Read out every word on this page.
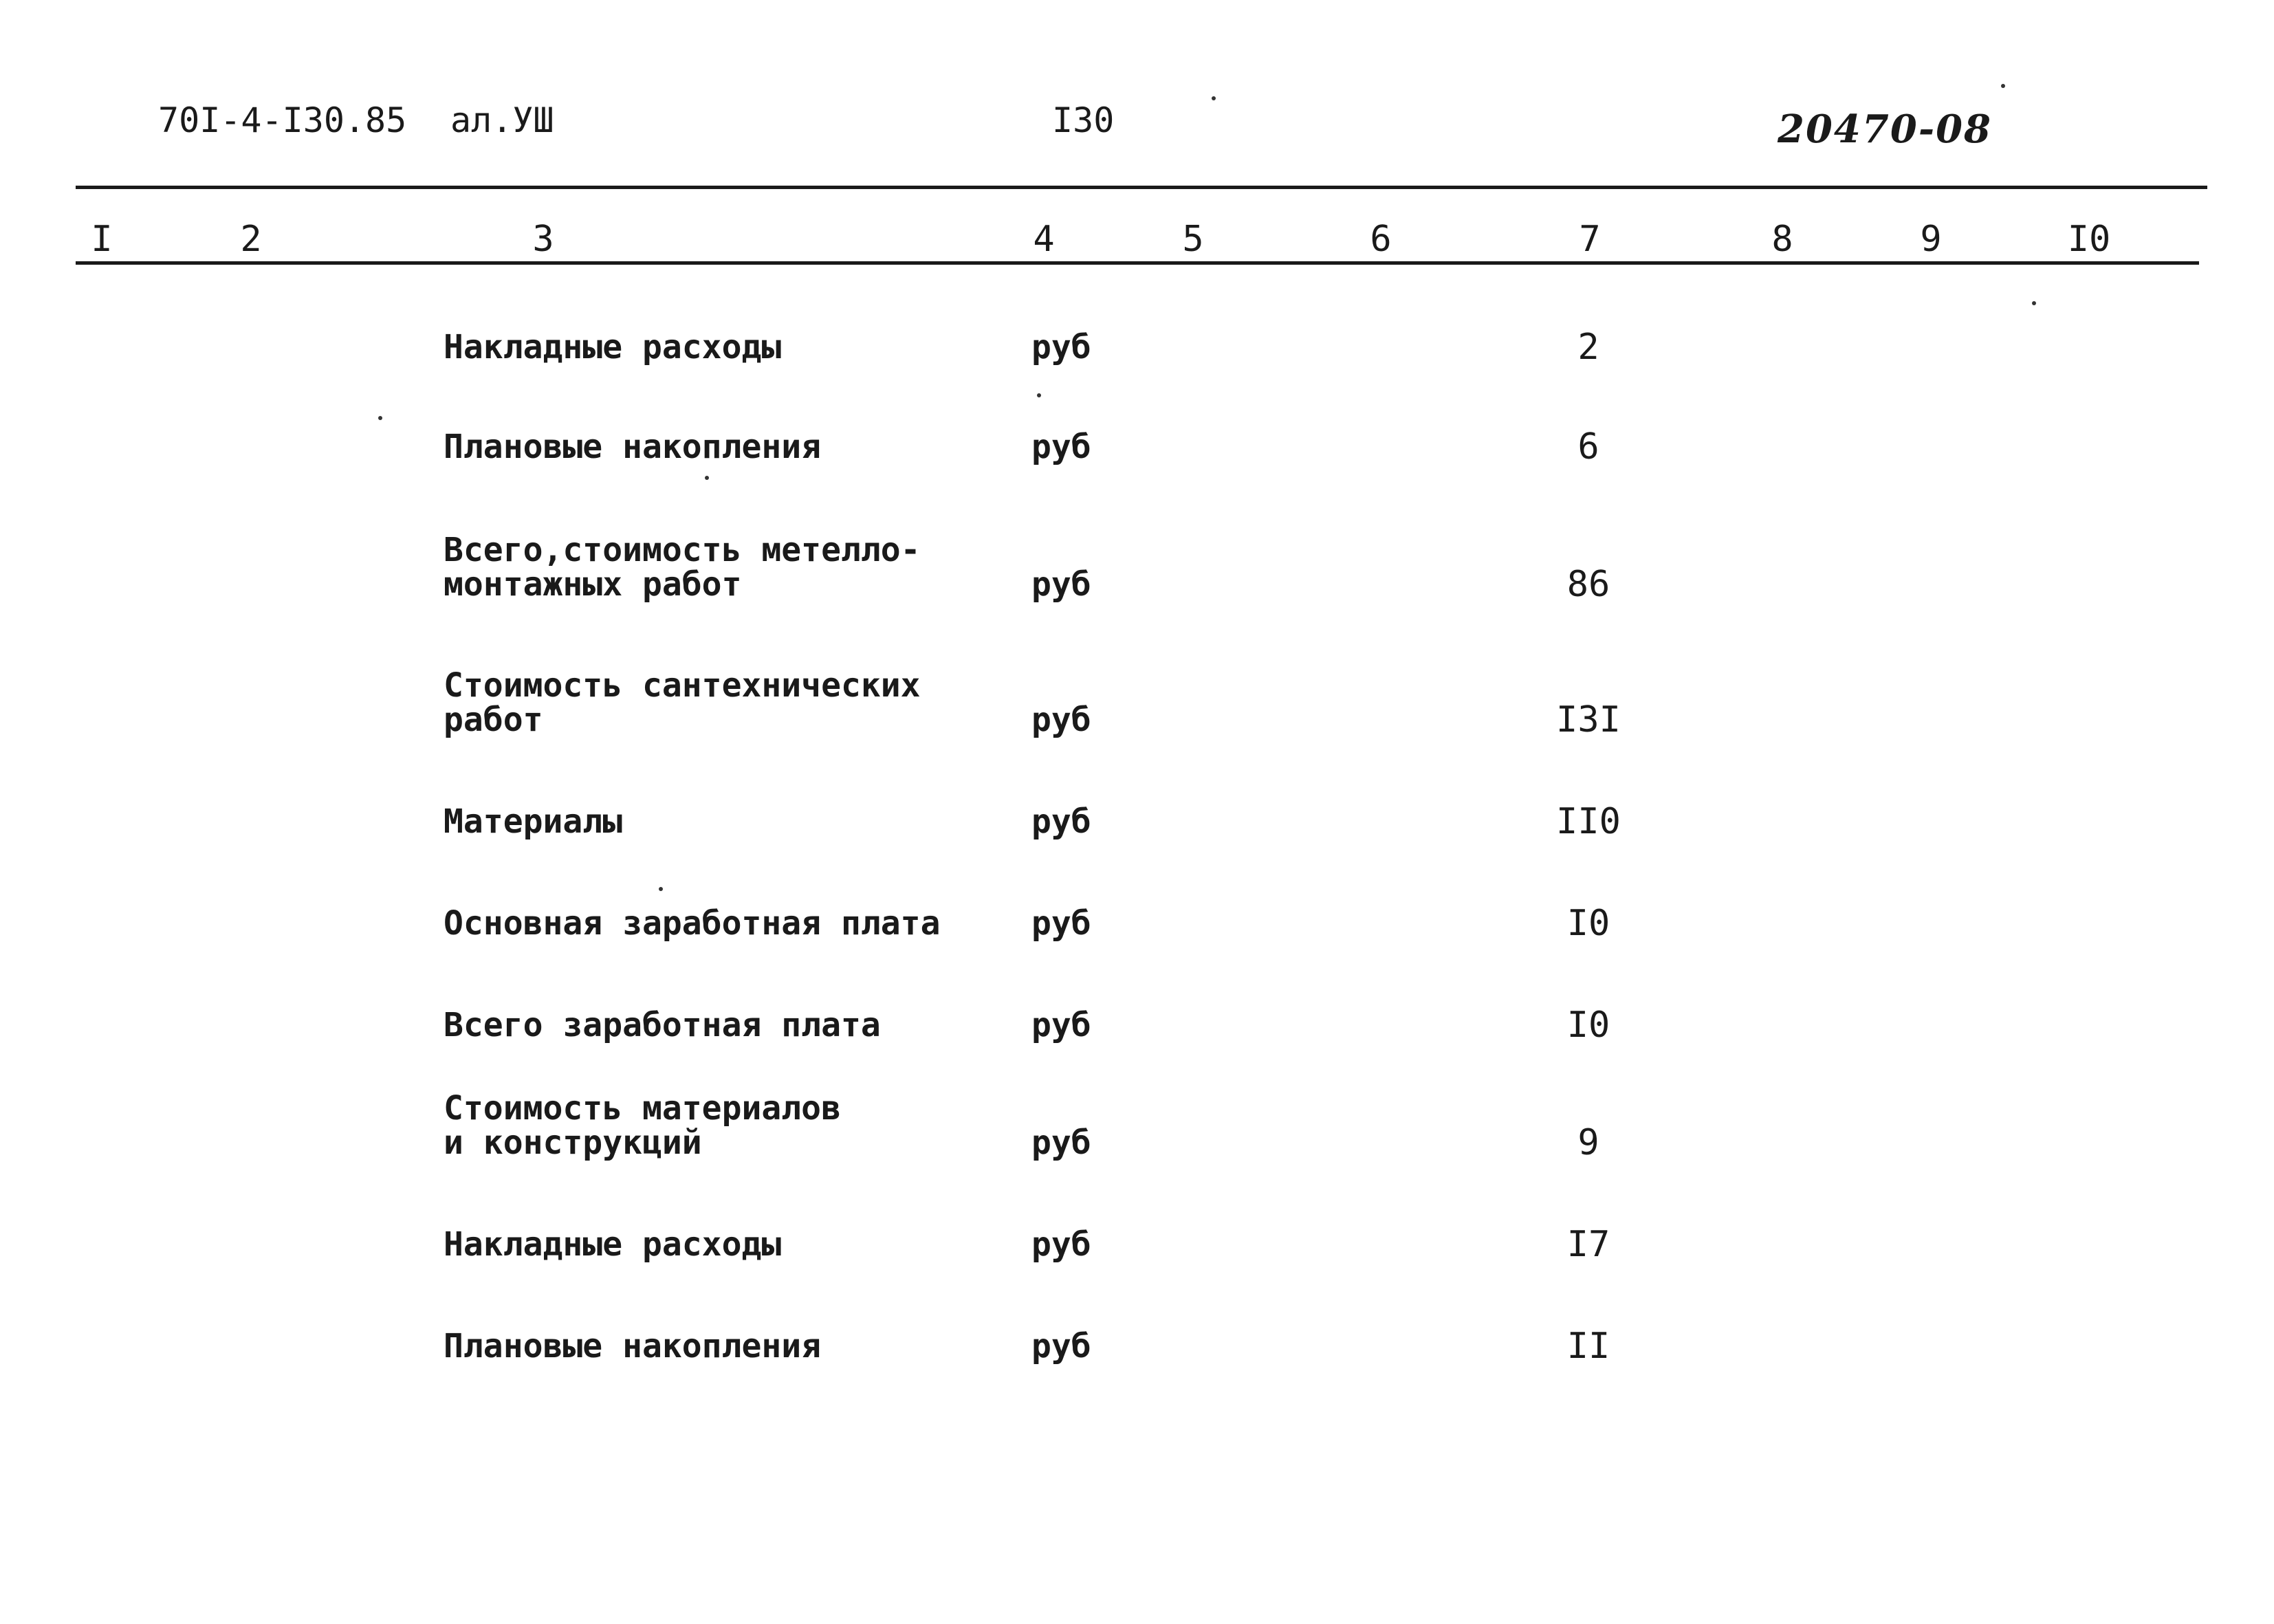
70I-4-I30.85 ал.УШ	I30	20470-08
I	2	3	4	5	6	7	8	9	I0
Накладные расходы	руб	2
Плановые накопления	руб	6
Всего,стоимость метелло-
монтажных работ	руб	86
Стоимость сантехнических
работ	руб	I3I
Материалы	руб	II0
Основная заработная плата	руб	I0
Всего заработная плата	руб	I0
Стоимость материалов
и конструкций	руб	9
Накладные расходы	руб	I7
Плановые накопления	руб	II
